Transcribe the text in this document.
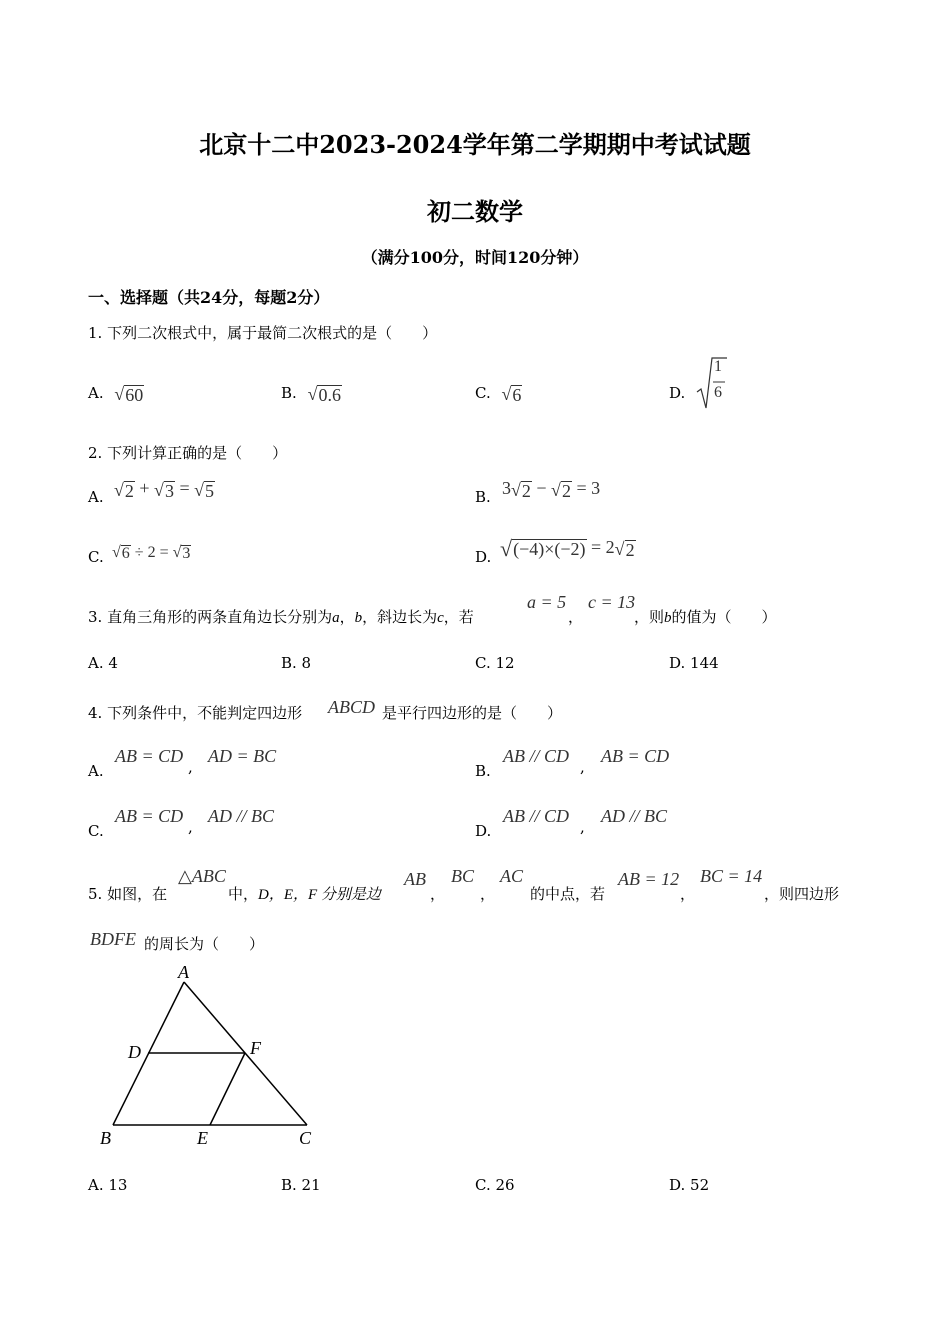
北京十二中2023-2024学年第二学期期中考试试题
初二数学
（满分100分，时间120分钟）
一、选择题（共24分，每题2分）
1. 下列二次根式中，属于最简二次根式的是（　　）
A. √60	B. √0.6	C. √6	D.
1
6
2. 下列计算正确的是（　　）
A. √2 + √3 = √5	B. 3√2 − √2 = 3
C. √6 ÷ 2 = √3	D. √(−4)×(−2) = 2√2
3. 直角三角形的两条直角边长分别为a，b，斜边长为c，若
a = 5
，
c = 13
，则b的值为（　　）
A. 4	B. 8	C. 12	D. 144
4. 下列条件中，不能判定四边形 ABCD 是平行四边形的是（　　）
A.
AB = CD
,
AD = BC
B.
AB // CD
,
AB = CD
C.
AB = CD
,
AD // BC
D.
AB // CD
,
AD // BC
5. 如图，在
△ABC
中，D，E，F 分别是边
AB
，
BC
，
AC
的中点，若
AB = 12
，
BC = 14
，则四边形
BDFE 的周长为（　　）
A
D	F
B	E	C
A. 13	B. 21	C. 26	D. 52
